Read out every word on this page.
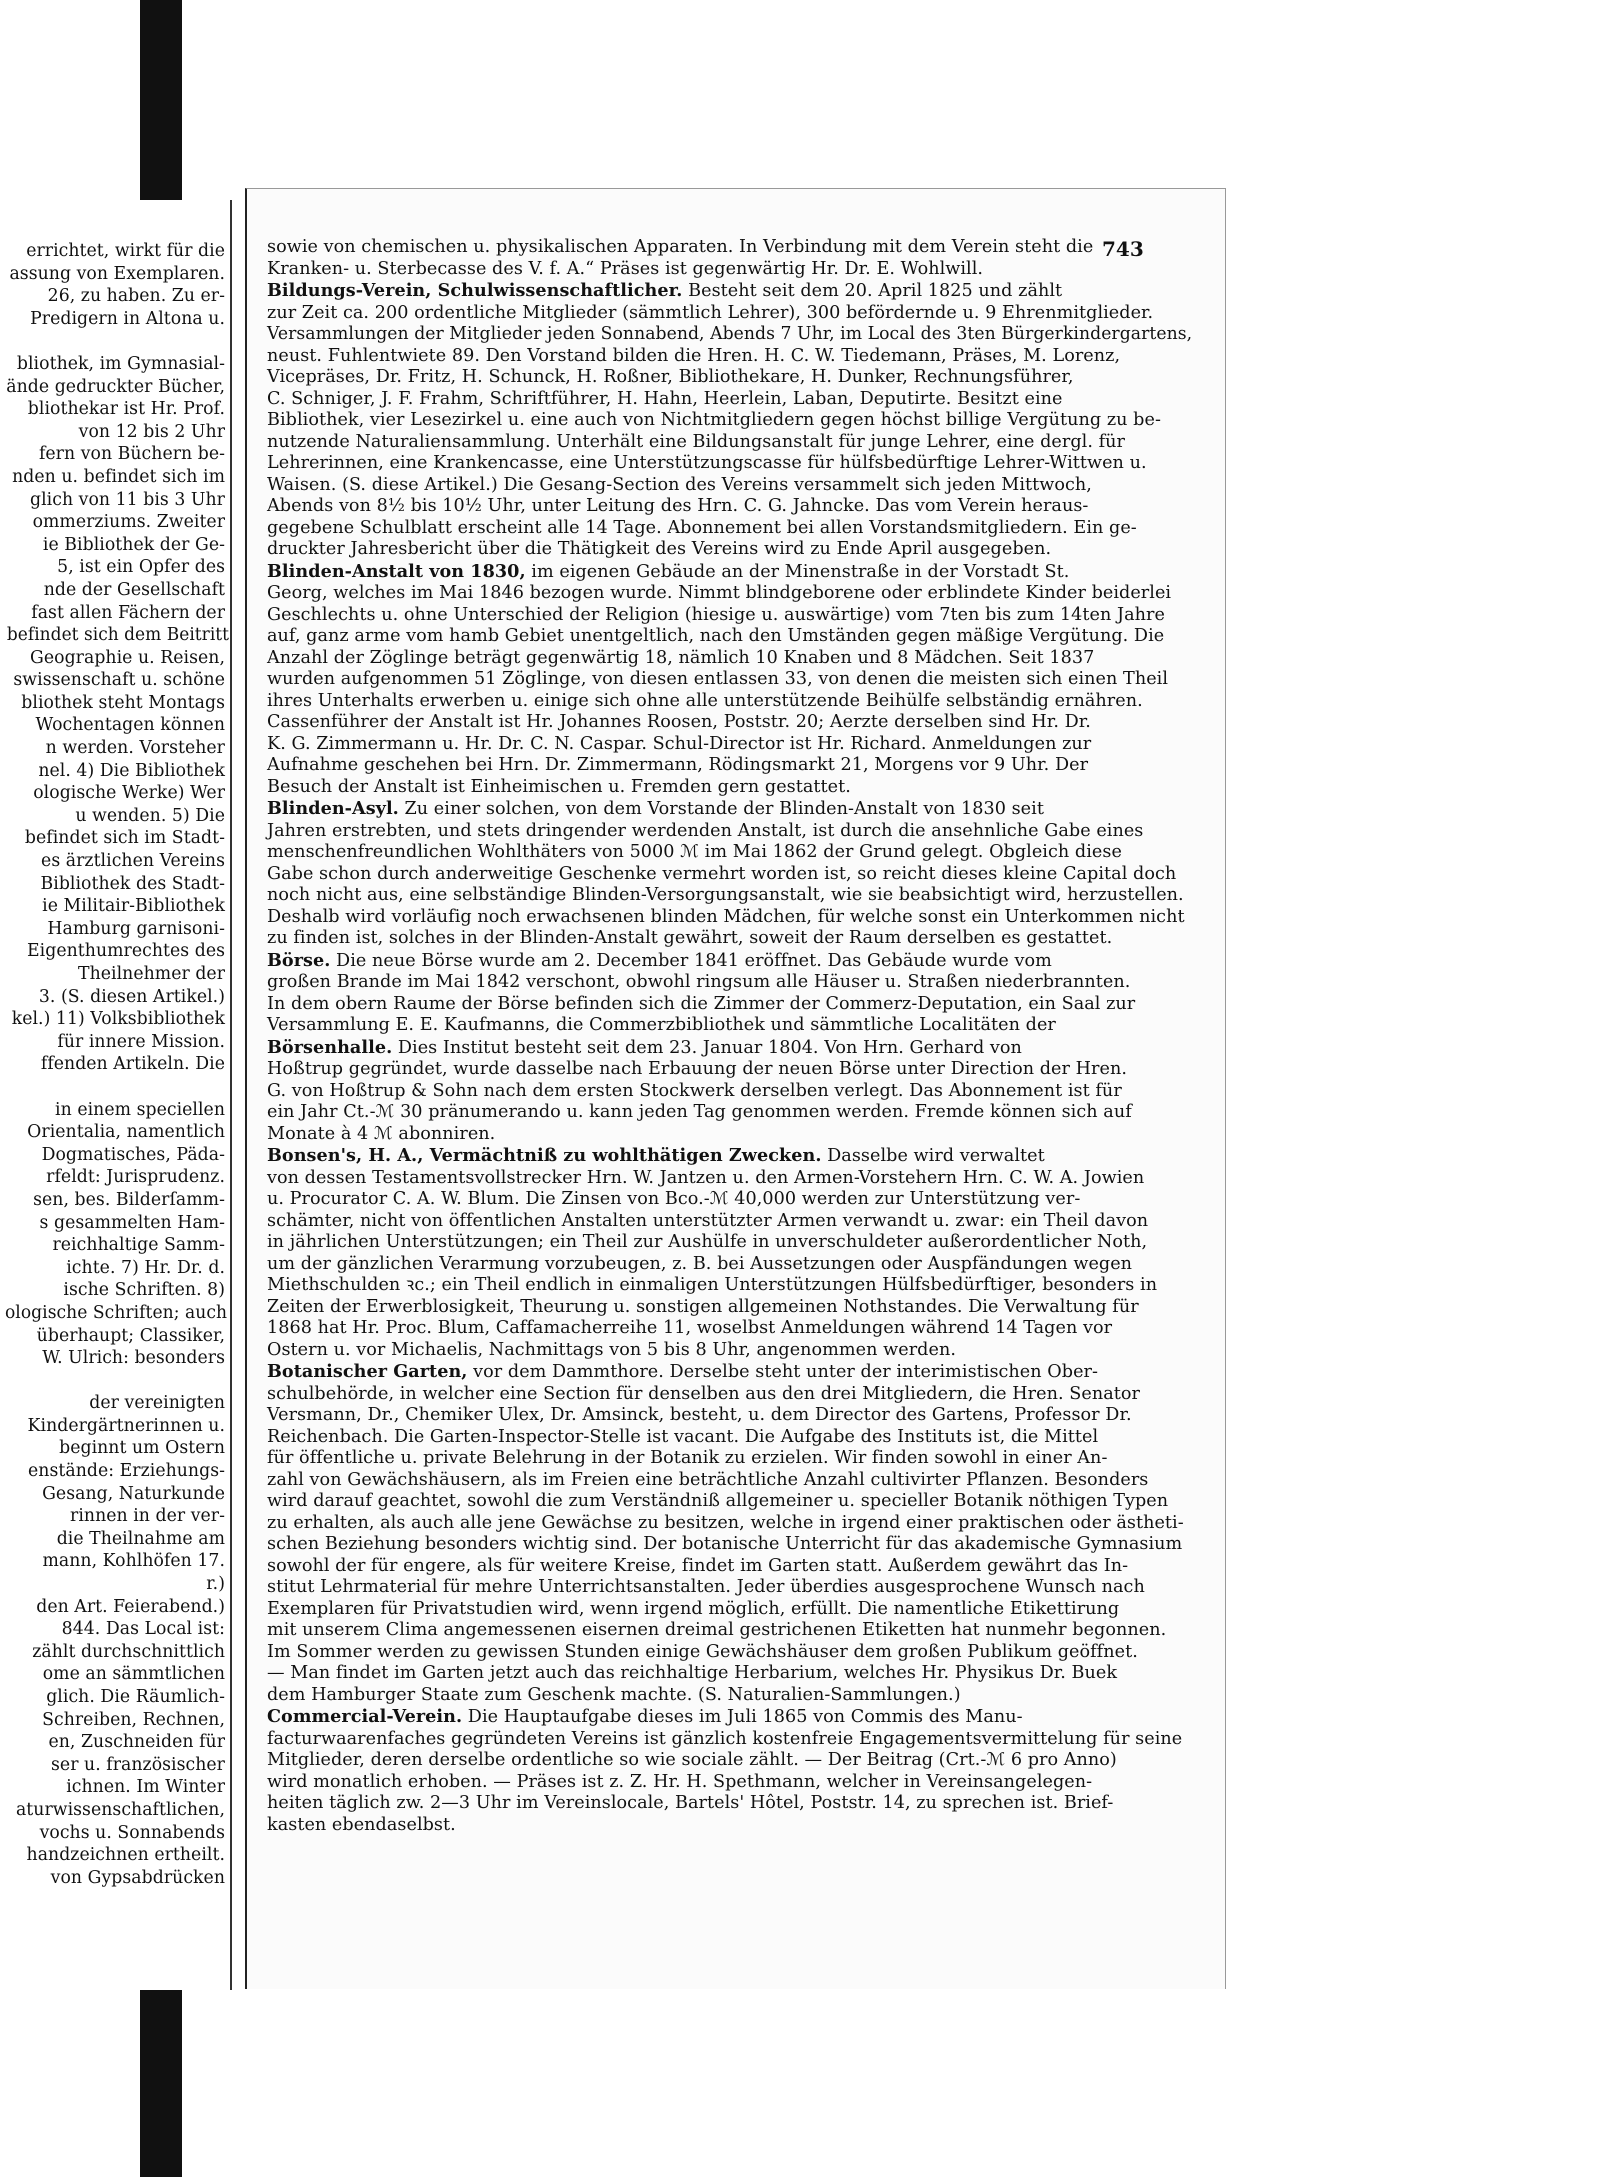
errichtet, wirkt für die
assung von Exemplaren.
26, zu haben. Zu er-
Predigern in Altona u.

bliothek, im Gymnasial-
ände gedruckter Bücher,
bliothekar ist Hr. Prof.
von 12 bis 2 Uhr
fern von Büchern be-
nden u. befindet sich im
glich von 11 bis 3 Uhr
ommerziums. Zweiter
ie Bibliothek der Ge-
5, ist ein Opfer des
nde der Gesellschaft
fast allen Fächern der
befindet sich dem Beitritt
Geographie u. Reisen,
swissenschaft u. schöne
bliothek steht Montags
Wochentagen können
n werden. Vorsteher
nel. 4) Die Bibliothek
ologische Werke) Wer
u wenden. 5) Die
befindet sich im Stadt-
es ärztlichen Vereins
Bibliothek des Stadt-
ie Militair-Bibliothek
Hamburg garnisoni-
Eigenthumrechtes des
Theilnehmer der
3. (S. diesen Artikel.)
kel.) 11) Volksbibliothek
für innere Mission.
ffenden Artikeln. Die

in einem speciellen
Orientalia, namentlich
Dogmatisches, Päda-
rfeldt: Jurisprudenz.
sen, bes. Bilderſamm-
s gesammelten Ham-
reichhaltige Samm-
ichte. 7) Hr. Dr. d.
ische Schriften. 8)
ologische Schriften; auch
überhaupt; Classiker,
W. Ulrich: besonders

der vereinigten
Kindergärtnerinnen u.
beginnt um Ostern
enstände: Erziehungs-
Gesang, Naturkunde
rinnen in der ver-
die Theilnahme am
mann, Kohlhöfen 17.
r.)
den Art. Feierabend.)
844. Das Local ist:
zählt durchschnittlich
ome an sämmtlichen
glich. Die Räumlich-
Schreiben, Rechnen,
en, Zuschneiden für
ser u. französischer
ichnen. Im Winter
aturwissenschaftlichen,
vochs u. Sonnabends
handzeichnen ertheilt.
von Gypsabdrücken
743
sowie von chemischen u. physikalischen Apparaten. In Verbindung mit dem Verein steht die
Kranken- u. Sterbecasse des V. f. A.“ Präses ist gegenwärtig Hr. Dr. E. Wohlwill.
Bildungs-Verein, Schulwissenschaftlicher. Besteht seit dem 20. April 1825 und zählt
zur Zeit ca. 200 ordentliche Mitglieder (sämmtlich Lehrer), 300 befördernde u. 9 Ehrenmitglieder.
Versammlungen der Mitglieder jeden Sonnabend, Abends 7 Uhr, im Local des 3ten Bürgerkindergartens,
neust. Fuhlentwiete 89. Den Vorstand bilden die Hren. H. C. W. Tiedemann, Präses, M. Lorenz,
Vicepräses, Dr. Fritz, H. Schunck, H. Roßner, Bibliothekare, H. Dunker, Rechnungsführer,
C. Schniger, J. F. Frahm, Schriftführer, H. Hahn, Heerlein, Laban, Deputirte. Besitzt eine
Bibliothek, vier Lesezirkel u. eine auch von Nichtmitgliedern gegen höchst billige Vergütung zu be-
nutzende Naturaliensammlung. Unterhält eine Bildungsanstalt für junge Lehrer, eine dergl. für
Lehrerinnen, eine Krankencasse, eine Unterstützungscasse für hülfsbedürftige Lehrer-Wittwen u.
Waisen. (S. diese Artikel.) Die Gesang-Section des Vereins versammelt sich jeden Mittwoch,
Abends von 8½ bis 10½ Uhr, unter Leitung des Hrn. C. G. Jahncke. Das vom Verein heraus-
gegebene Schulblatt erscheint alle 14 Tage. Abonnement bei allen Vorstandsmitgliedern. Ein ge-
druckter Jahresbericht über die Thätigkeit des Vereins wird zu Ende April ausgegeben.
Blinden-Anstalt von 1830, im eigenen Gebäude an der Minenstraße in der Vorstadt St.
Georg, welches im Mai 1846 bezogen wurde. Nimmt blindgeborene oder erblindete Kinder beiderlei
Geschlechts u. ohne Unterschied der Religion (hiesige u. auswärtige) vom 7ten bis zum 14ten Jahre
auf, ganz arme vom hamb Gebiet unentgeltlich, nach den Umständen gegen mäßige Vergütung. Die
Anzahl der Zöglinge beträgt gegenwärtig 18, nämlich 10 Knaben und 8 Mädchen. Seit 1837
wurden aufgenommen 51 Zöglinge, von diesen entlassen 33, von denen die meisten sich einen Theil
ihres Unterhalts erwerben u. einige sich ohne alle unterstützende Beihülfe selbständig ernähren.
Cassenführer der Anstalt ist Hr. Johannes Roosen, Poststr. 20; Aerzte derselben sind Hr. Dr.
K. G. Zimmermann u. Hr. Dr. C. N. Caspar. Schul-Director ist Hr. Richard. Anmeldungen zur
Aufnahme geschehen bei Hrn. Dr. Zimmermann, Rödingsmarkt 21, Morgens vor 9 Uhr. Der
Besuch der Anstalt ist Einheimischen u. Fremden gern gestattet.
Blinden-Asyl. Zu einer solchen, von dem Vorstande der Blinden-Anstalt von 1830 seit
Jahren erstrebten, und stets dringender werdenden Anstalt, ist durch die ansehnliche Gabe eines
menschenfreundlichen Wohlthäters von 5000 ℳ im Mai 1862 der Grund gelegt. Obgleich diese
Gabe schon durch anderweitige Geschenke vermehrt worden ist, so reicht dieses kleine Capital doch
noch nicht aus, eine selbständige Blinden-Versorgungsanstalt, wie sie beabsichtigt wird, herzustellen.
Deshalb wird vorläufig noch erwachsenen blinden Mädchen, für welche sonst ein Unterkommen nicht
zu finden ist, solches in der Blinden-Anstalt gewährt, soweit der Raum derselben es gestattet.
Börse. Die neue Börse wurde am 2. December 1841 eröffnet. Das Gebäude wurde vom
großen Brande im Mai 1842 verschont, obwohl ringsum alle Häuser u. Straßen niederbrannten.
In dem obern Raume der Börse befinden sich die Zimmer der Commerz-Deputation, ein Saal zur
Versammlung E. E. Kaufmanns, die Commerzbibliothek und sämmtliche Localitäten der
Börsenhalle. Dies Institut besteht seit dem 23. Januar 1804. Von Hrn. Gerhard von
Hoßtrup gegründet, wurde dasselbe nach Erbauung der neuen Börse unter Direction der Hren.
G. von Hoßtrup & Sohn nach dem ersten Stockwerk derselben verlegt. Das Abonnement ist für
ein Jahr Ct.-ℳ 30 pränumerando u. kann jeden Tag genommen werden. Fremde können sich auf
Monate à 4 ℳ abonniren.
Bonsen's, H. A., Vermächtniß zu wohlthätigen Zwecken. Dasselbe wird verwaltet
von dessen Testamentsvollstrecker Hrn. W. Jantzen u. den Armen-Vorstehern Hrn. C. W. A. Jowien
u. Procurator C. A. W. Blum. Die Zinsen von Bco.-ℳ 40,000 werden zur Unterstützung ver-
schämter, nicht von öffentlichen Anstalten unterstützter Armen verwandt u. zwar: ein Theil davon
in jährlichen Unterstützungen; ein Theil zur Aushülfe in unverschuldeter außerordentlicher Noth,
um der gänzlichen Verarmung vorzubeugen, z. B. bei Aussetzungen oder Auspfändungen wegen
Miethschulden ꝛc.; ein Theil endlich in einmaligen Unterstützungen Hülfsbedürftiger, besonders in
Zeiten der Erwerblosigkeit, Theurung u. sonstigen allgemeinen Nothstandes. Die Verwaltung für
1868 hat Hr. Proc. Blum, Caffamacherreihe 11, woselbst Anmeldungen während 14 Tagen vor
Ostern u. vor Michaelis, Nachmittags von 5 bis 8 Uhr, angenommen werden.
Botanischer Garten, vor dem Dammthore. Derselbe steht unter der interimistischen Ober-
schulbehörde, in welcher eine Section für denselben aus den drei Mitgliedern, die Hren. Senator
Versmann, Dr., Chemiker Ulex, Dr. Amsinck, besteht, u. dem Director des Gartens, Professor Dr.
Reichenbach. Die Garten-Inspector-Stelle ist vacant. Die Aufgabe des Instituts ist, die Mittel
für öffentliche u. private Belehrung in der Botanik zu erzielen. Wir finden sowohl in einer An-
zahl von Gewächshäusern, als im Freien eine beträchtliche Anzahl cultivirter Pflanzen. Besonders
wird darauf geachtet, sowohl die zum Verständniß allgemeiner u. specieller Botanik nöthigen Typen
zu erhalten, als auch alle jene Gewächse zu besitzen, welche in irgend einer praktischen oder ästheti-
schen Beziehung besonders wichtig sind. Der botanische Unterricht für das akademische Gymnasium
sowohl der für engere, als für weitere Kreise, findet im Garten statt. Außerdem gewährt das In-
stitut Lehrmaterial für mehre Unterrichtsanstalten. Jeder überdies ausgesprochene Wunsch nach
Exemplaren für Privatstudien wird, wenn irgend möglich, erfüllt. Die namentliche Etikettirung
mit unserem Clima angemessenen eisernen dreimal gestrichenen Etiketten hat nunmehr begonnen.
Im Sommer werden zu gewissen Stunden einige Gewächshäuser dem großen Publikum geöffnet.
— Man findet im Garten jetzt auch das reichhaltige Herbarium, welches Hr. Physikus Dr. Buek
dem Hamburger Staate zum Geschenk machte. (S. Naturalien-Sammlungen.)
Commercial-Verein. Die Hauptaufgabe dieses im Juli 1865 von Commis des Manu-
facturwaarenfaches gegründeten Vereins ist gänzlich kostenfreie Engagementsvermittelung für seine
Mitglieder, deren derselbe ordentliche so wie sociale zählt. — Der Beitrag (Crt.-ℳ 6 pro Anno)
wird monatlich erhoben. — Präses ist z. Z. Hr. H. Spethmann, welcher in Vereinsangelegen-
heiten täglich zw. 2—3 Uhr im Vereinslocale, Bartels' Hôtel, Poststr. 14, zu sprechen ist. Brief-
kasten ebendaselbst.
